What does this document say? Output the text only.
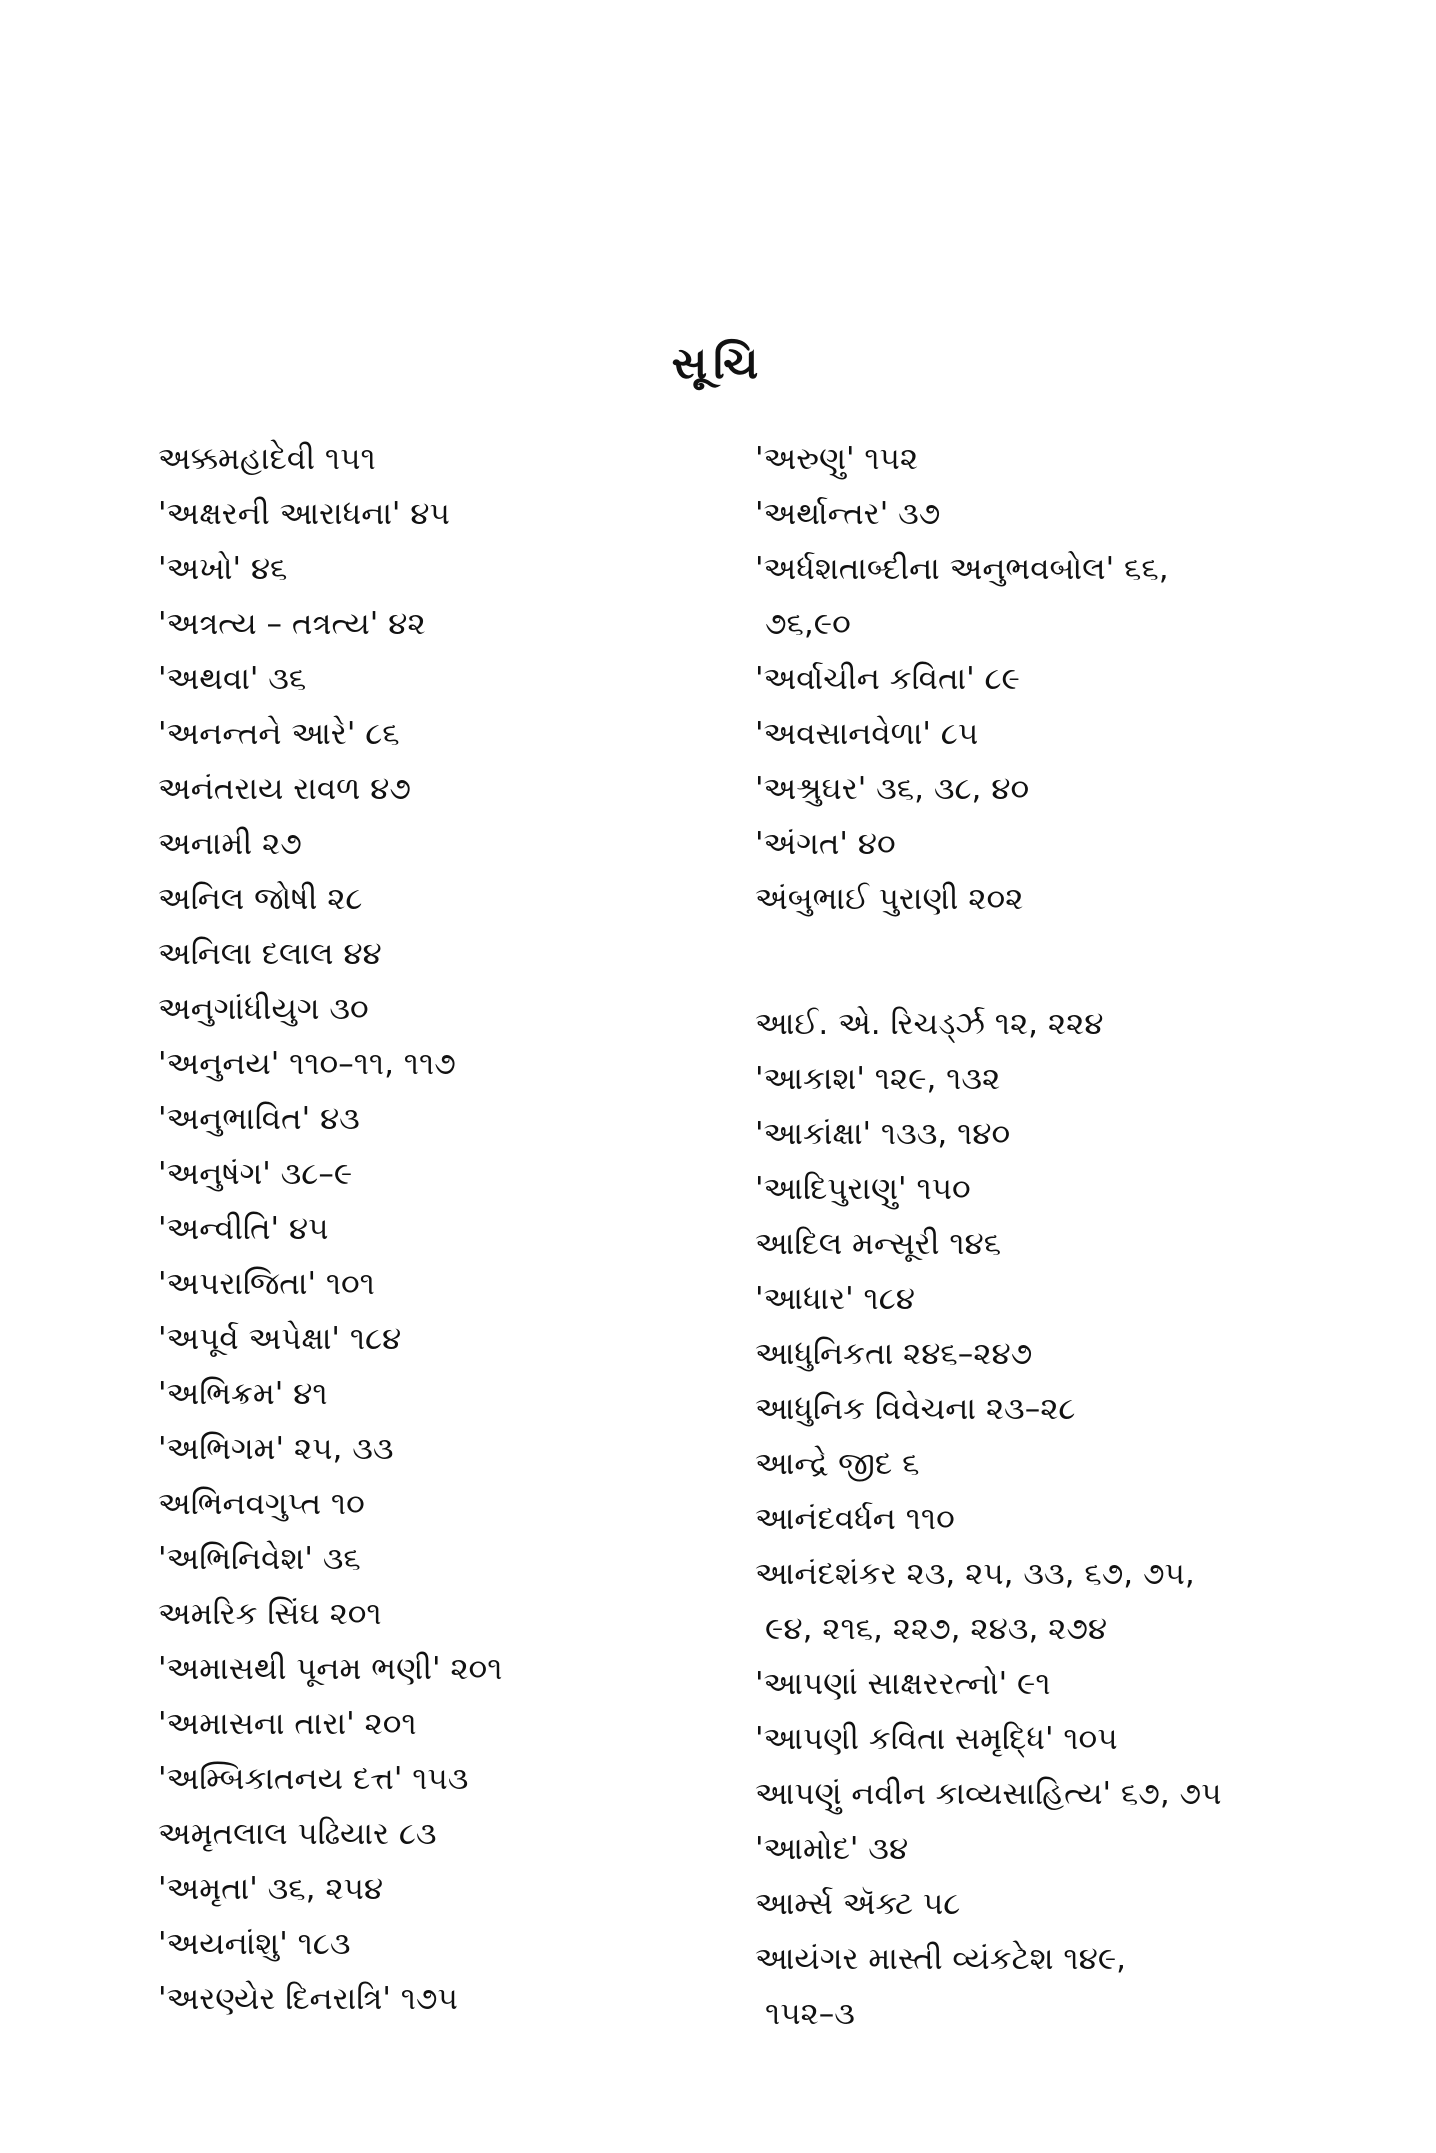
સૂચિ
અક્કમહાદેવી ૧૫૧
'અક્ષરની આરાધના' ૪૫
'અખો' ૪૬
'અત્રત્ય – તત્રત્ય' ૪૨
'અથવા' ૩૬
'અનન્તને આરે' ૮૬
અનંતરાય રાવળ ૪૭
અનામી ૨૭
અનિલ જોષી ૨૮
અનિલા દલાલ ૪૪
અનુગાંધીયુગ ૩૦
'અનુનય' ૧૧૦–૧૧, ૧૧૭
'અનુભાવિત' ૪૩
'અનુષંગ' ૩૮–૯
'અન્વીતિ' ૪૫
'અપરાજિતા' ૧૦૧
'અપૂર્વ અપેક્ષા' ૧૮૪
'અભિક્રમ' ૪૧
'અભિગમ' ૨૫, ૩૩
અભિનવગુપ્ત ૧૦
'અભિનિવેશ' ૩૬
અમરિક સિંઘ ૨૦૧
'અમાસથી પૂનમ ભણી' ૨૦૧
'અમાસના તારા' ૨૦૧
'અમ્બિકાતનય દત્ત' ૧૫૩
અમૃતલાલ પઢિયાર ૮૩
'અમૃતા' ૩૬, ૨૫૪
'અયનાંશુ' ૧૮૩
'અરણ્યેર દિનરાત્રિ' ૧૭૫
'અરુણુ' ૧૫૨
'અર્થાન્તર' ૩૭
'અર્ધશતાબ્દીના અનુભવબોલ' ૬૬,
૭૬,૯૦
'અર્વાચીન કવિતા' ૮૯
'અવસાનવેળા' ૮૫
'અશ્રુઘર' ૩૬, ૩૮, ૪૦
'અંગત' ૪૦
અંબુભાઈ પુરાણી ૨૦૨
આઈ. એ. રિચર્ડ્ઝ ૧૨, ૨૨૪
'આકાશ' ૧૨૯, ૧૩૨
'આકાંક્ષા' ૧૩૩, ૧૪૦
'આદિપુરાણુ' ૧૫૦
આદિલ મન્સૂરી ૧૪૬
'આધાર' ૧૮૪
આધુનિકતા ૨૪૬–૨૪૭
આધુનિક વિવેચના ૨૩–૨૮
આન્દ્રે જીદ ૬
આનંદવર્ધન ૧૧૦
આનંદશંકર ૨૩, ૨૫, ૩૩, ૬૭, ૭૫,
૯૪, ૨૧૬, ૨૨૭, ૨૪૩, ૨૭૪
'આપણાં સાક્ષરરત્નો' ૯૧
'આપણી કવિતા સમૃદ્ધિ' ૧૦૫
આપણું નવીન કાવ્યસાહિત્ય' ૬૭, ૭૫
'આમોદ' ૩૪
આર્મ્સ ઍક્ટ ૫૮
આયંગર માસ્તી વ્યંકટેશ ૧૪૯,
૧૫૨–૩
